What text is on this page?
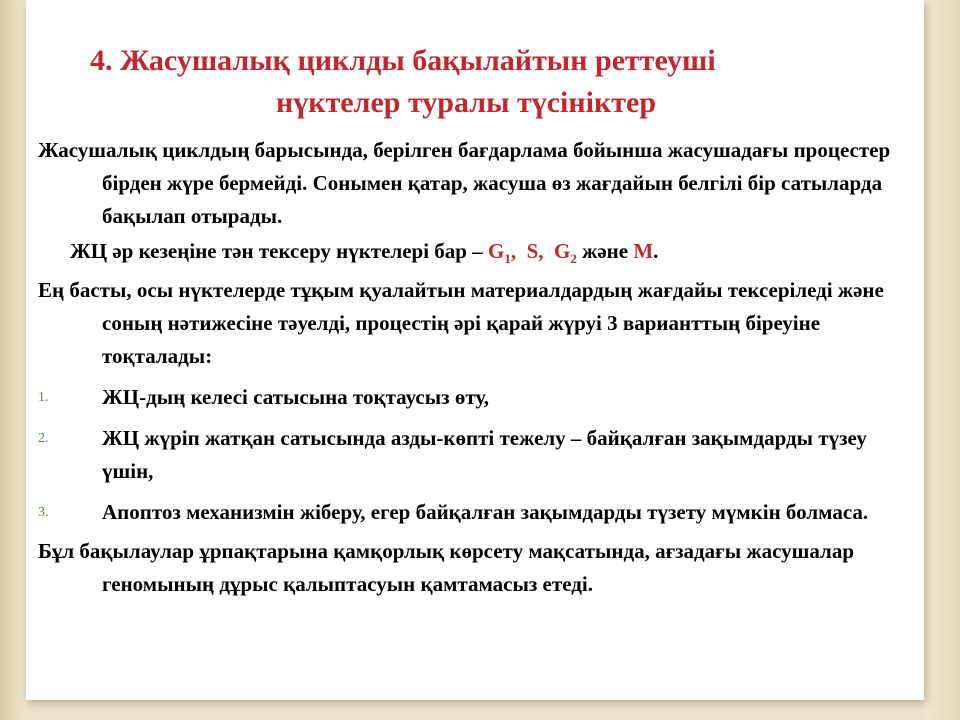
4. Жасушалық циклды бақылайтын реттеуші
нүктелер туралы түсініктер
Жасушалық циклдың барысында, берілген бағдарлама бойынша жасушадағы процестер бірден жүре бермейді. Сонымен қатар, жасуша өз жағдайын белгілі бір сатыларда бақылап отырады.
ЖЦ әр кезеңіне тән тексеру нүктелері бар – $G_1$, S, $G_2$ және M.
Ең басты, осы нүктелерде тұқым қуалайтын материалдардың жағдайы тексеріледі және соның нәтижесіне тәуелді, процестің әрі қарай жүруі 3 варианттың біреуіне тоқталады:
1.	ЖЦ-дың келесі сатысына тоқтаусыз өту,
2.	ЖЦ жүріп жатқан сатысында азды-көпті тежелу – байқалған зақымдарды түзеу үшін,
3.	Апоптоз механизмін жіберу, егер байқалған зақымдарды түзету мүмкін болмаса.
Бұл бақылаулар ұрпақтарына қамқорлық көрсету мақсатында, ағзадағы жасушалар геномының дұрыс қалыптасуын қамтамасыз етеді.
